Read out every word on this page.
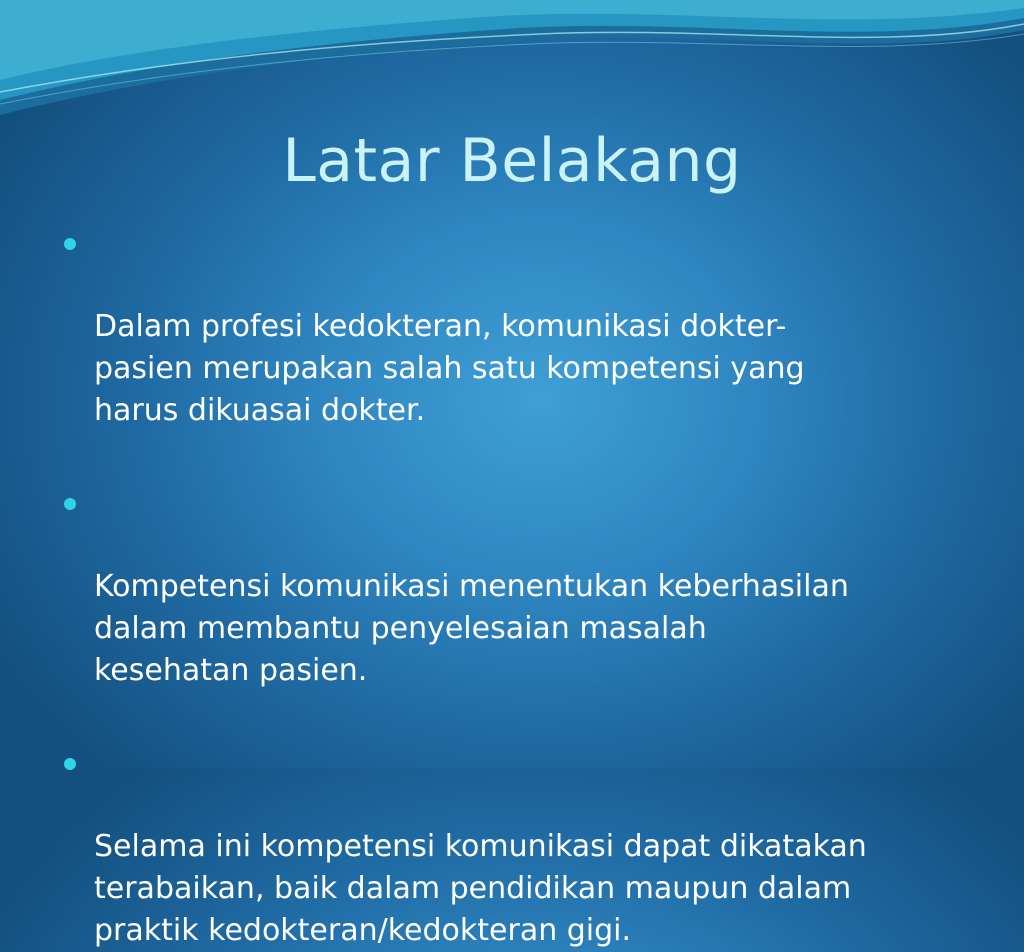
Latar Belakang

Dalam profesi kedokteran, komunikasi dokter-
pasien merupakan salah satu kompetensi yang
harus dikuasai dokter.

Kompetensi komunikasi menentukan keberhasilan
dalam membantu penyelesaian masalah
kesehatan pasien.

Selama ini kompetensi komunikasi dapat dikatakan
terabaikan, baik dalam pendidikan maupun dalam
praktik kedokteran/kedokteran gigi.
